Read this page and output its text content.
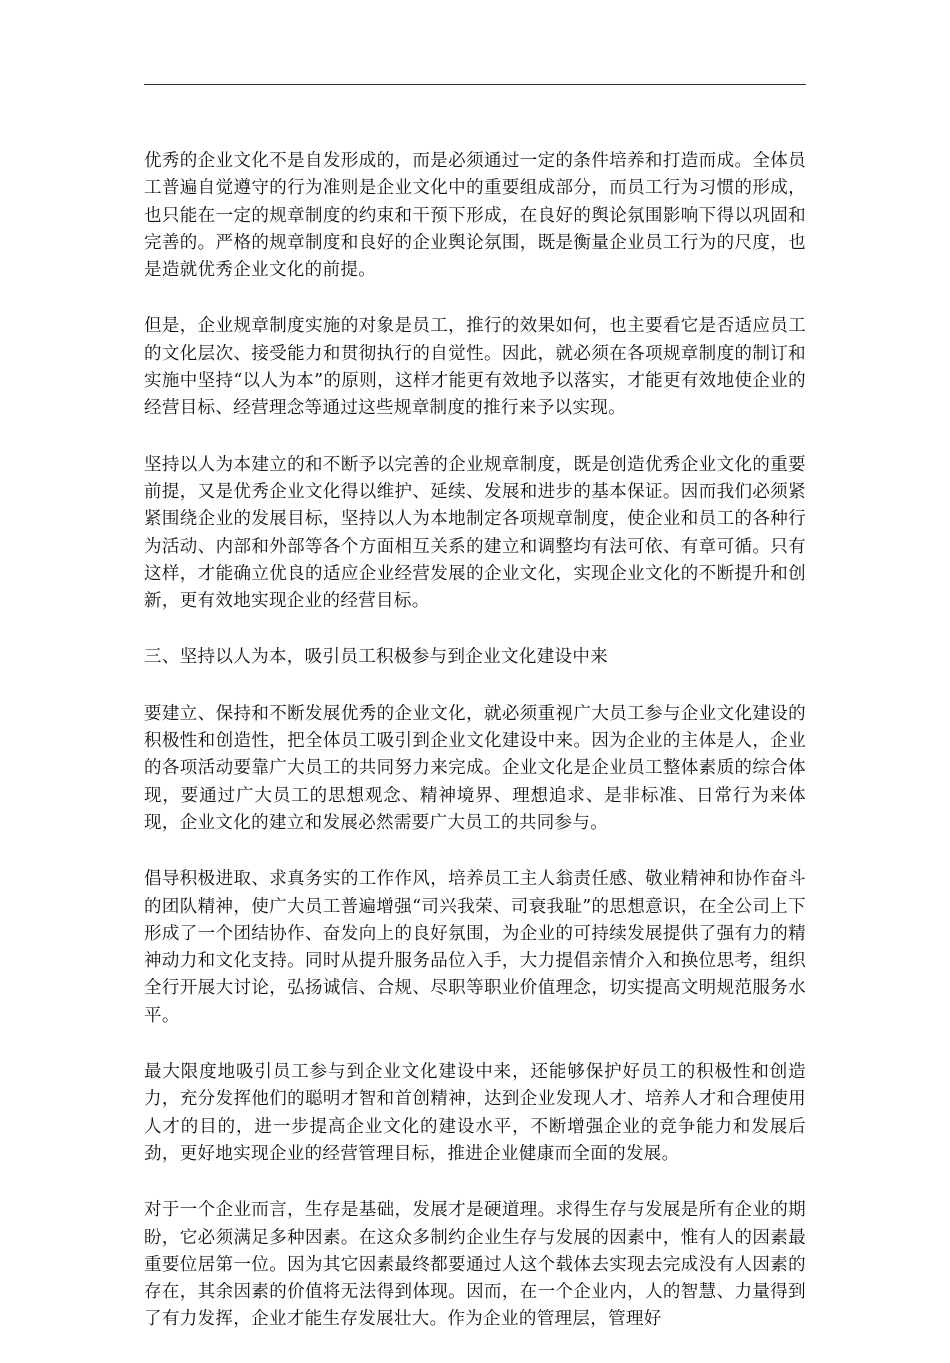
优秀的企业文化不是自发形成的，而是必须通过一定的条件培养和打造而成。全体员工普遍自觉遵守的行为准则是企业文化中的重要组成部分，而员工行为习惯的形成，也只能在一定的规章制度的约束和干预下形成，在良好的舆论氛围影响下得以巩固和完善的。严格的规章制度和良好的企业舆论氛围，既是衡量企业员工行为的尺度，也是造就优秀企业文化的前提。

但是，企业规章制度实施的对象是员工，推行的效果如何，也主要看它是否适应员工的文化层次、接受能力和贯彻执行的自觉性。因此，就必须在各项规章制度的制订和实施中坚持“以人为本”的原则，这样才能更有效地予以落实，才能更有效地使企业的经营目标、经营理念等通过这些规章制度的推行来予以实现。

坚持以人为本建立的和不断予以完善的企业规章制度，既是创造优秀企业文化的重要前提，又是优秀企业文化得以维护、延续、发展和进步的基本保证。因而我们必须紧紧围绕企业的发展目标，坚持以人为本地制定各项规章制度，使企业和员工的各种行为活动、内部和外部等各个方面相互关系的建立和调整均有法可依、有章可循。只有这样，才能确立优良的适应企业经营发展的企业文化，实现企业文化的不断提升和创新，更有效地实现企业的经营目标。

三、坚持以人为本，吸引员工积极参与到企业文化建设中来

要建立、保持和不断发展优秀的企业文化，就必须重视广大员工参与企业文化建设的积极性和创造性，把全体员工吸引到企业文化建设中来。因为企业的主体是人，企业的各项活动要靠广大员工的共同努力来完成。企业文化是企业员工整体素质的综合体现，要通过广大员工的思想观念、精神境界、理想追求、是非标准、日常行为来体现，企业文化的建立和发展必然需要广大员工的共同参与。

倡导积极进取、求真务实的工作作风，培养员工主人翁责任感、敬业精神和协作奋斗的团队精神，使广大员工普遍增强“司兴我荣、司衰我耻”的思想意识，在全公司上下形成了一个团结协作、奋发向上的良好氛围，为企业的可持续发展提供了强有力的精神动力和文化支持。同时从提升服务品位入手，大力提倡亲情介入和换位思考，组织全行开展大讨论，弘扬诚信、合规、尽职等职业价值理念，切实提高文明规范服务水平。

最大限度地吸引员工参与到企业文化建设中来，还能够保护好员工的积极性和创造力，充分发挥他们的聪明才智和首创精神，达到企业发现人才、培养人才和合理使用人才的目的，进一步提高企业文化的建设水平，不断增强企业的竞争能力和发展后劲，更好地实现企业的经营管理目标，推进企业健康而全面的发展。

对于一个企业而言，生存是基础，发展才是硬道理。求得生存与发展是所有企业的期盼，它必须满足多种因素。在这众多制约企业生存与发展的因素中，惟有人的因素最重要位居第一位。因为其它因素最终都要通过人这个载体去实现去完成没有人因素的存在，其余因素的价值将无法得到体现。因而，在一个企业内，人的智慧、力量得到了有力发挥，企业才能生存发展壮大。作为企业的管理层，管理好
